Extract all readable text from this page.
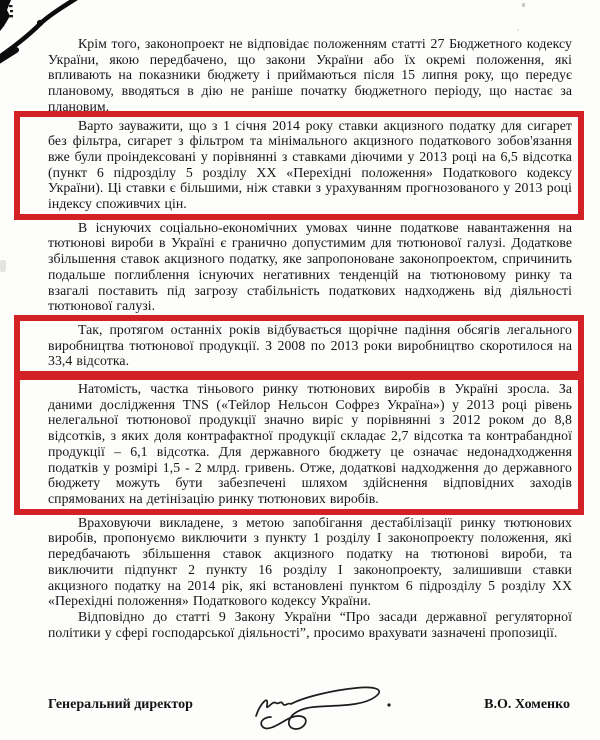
Крім того, законопроект не відповідає положенням статті 27 Бюджетного кодексу України, якою передбачено, що закони України або їх окремі положення, які впливають на показники бюджету і приймаються після 15 липня року, що передує плановому, вводяться в дію не раніше початку бюджетного періоду, що настає за плановим.

Варто зауважити, що з 1 січня 2014 року ставки акцизного податку для сигарет без фільтра, сигарет з фільтром та мінімального акцизного податкового зобов'язання вже були проіндексовані у порівнянні з ставками діючими у 2013 році на 6,5 відсотка (пункт 6 підрозділу 5 розділу XX «Перехідні положення» Податкового кодексу України). Ці ставки є більшими, ніж ставки з урахуванням прогнозованого у 2013 році індексу споживчих цін.

В існуючих соціально-економічних умовах чинне податкове навантаження на тютюнові вироби в Україні є гранично допустимим для тютюнової галузі. Додаткове збільшення ставок акцизного податку, яке запропоноване законопроектом, спричинить подальше поглиблення існуючих негативних тенденцій на тютюновому ринку та взагалі поставить під загрозу стабільність податкових надходжень від діяльності тютюнової галузі.

Так, протягом останніх років відбувається щорічне падіння обсягів легального виробництва тютюнової продукції. З 2008 по 2013 роки виробництво скоротилося на 33,4 відсотка.

Натомість, частка тіньового ринку тютюнових виробів в Україні зросла. За даними дослідження TNS («Тейлор Нельсон Софрез Україна») у 2013 році рівень нелегальної тютюнової продукції значно виріс у порівнянні з 2012 роком до 8,8 відсотків, з яких доля контрафактної продукції складає 2,7 відсотка та контрабандної продукції – 6,1 відсотка. Для державного бюджету це означає недонадходження податків у розмірі 1,5 - 2 млрд. гривень. Отже, додаткові надходження до державного бюджету можуть бути забезпечені шляхом здійснення відповідних заходів спрямованих на детінізацію ринку тютюнових виробів.

Враховуючи викладене, з метою запобігання дестабілізації ринку тютюнових виробів, пропонуємо виключити з пункту 1 розділу I законопроекту положення, які передбачають збільшення ставок акцизного податку на тютюнові вироби, та виключити підпункт 2 пункту 16 розділу I законопроекту, залишивши ставки акцизного податку на 2014 рік, які встановлені пунктом 6 підрозділу 5 розділу XX «Перехідні положення» Податкового кодексу України.

Відповідно до статті 9 Закону України “Про засади державної регуляторної політики у сфері господарської діяльності”, просимо врахувати зазначені пропозиції.

Генеральний директор	В.О. Хоменко
